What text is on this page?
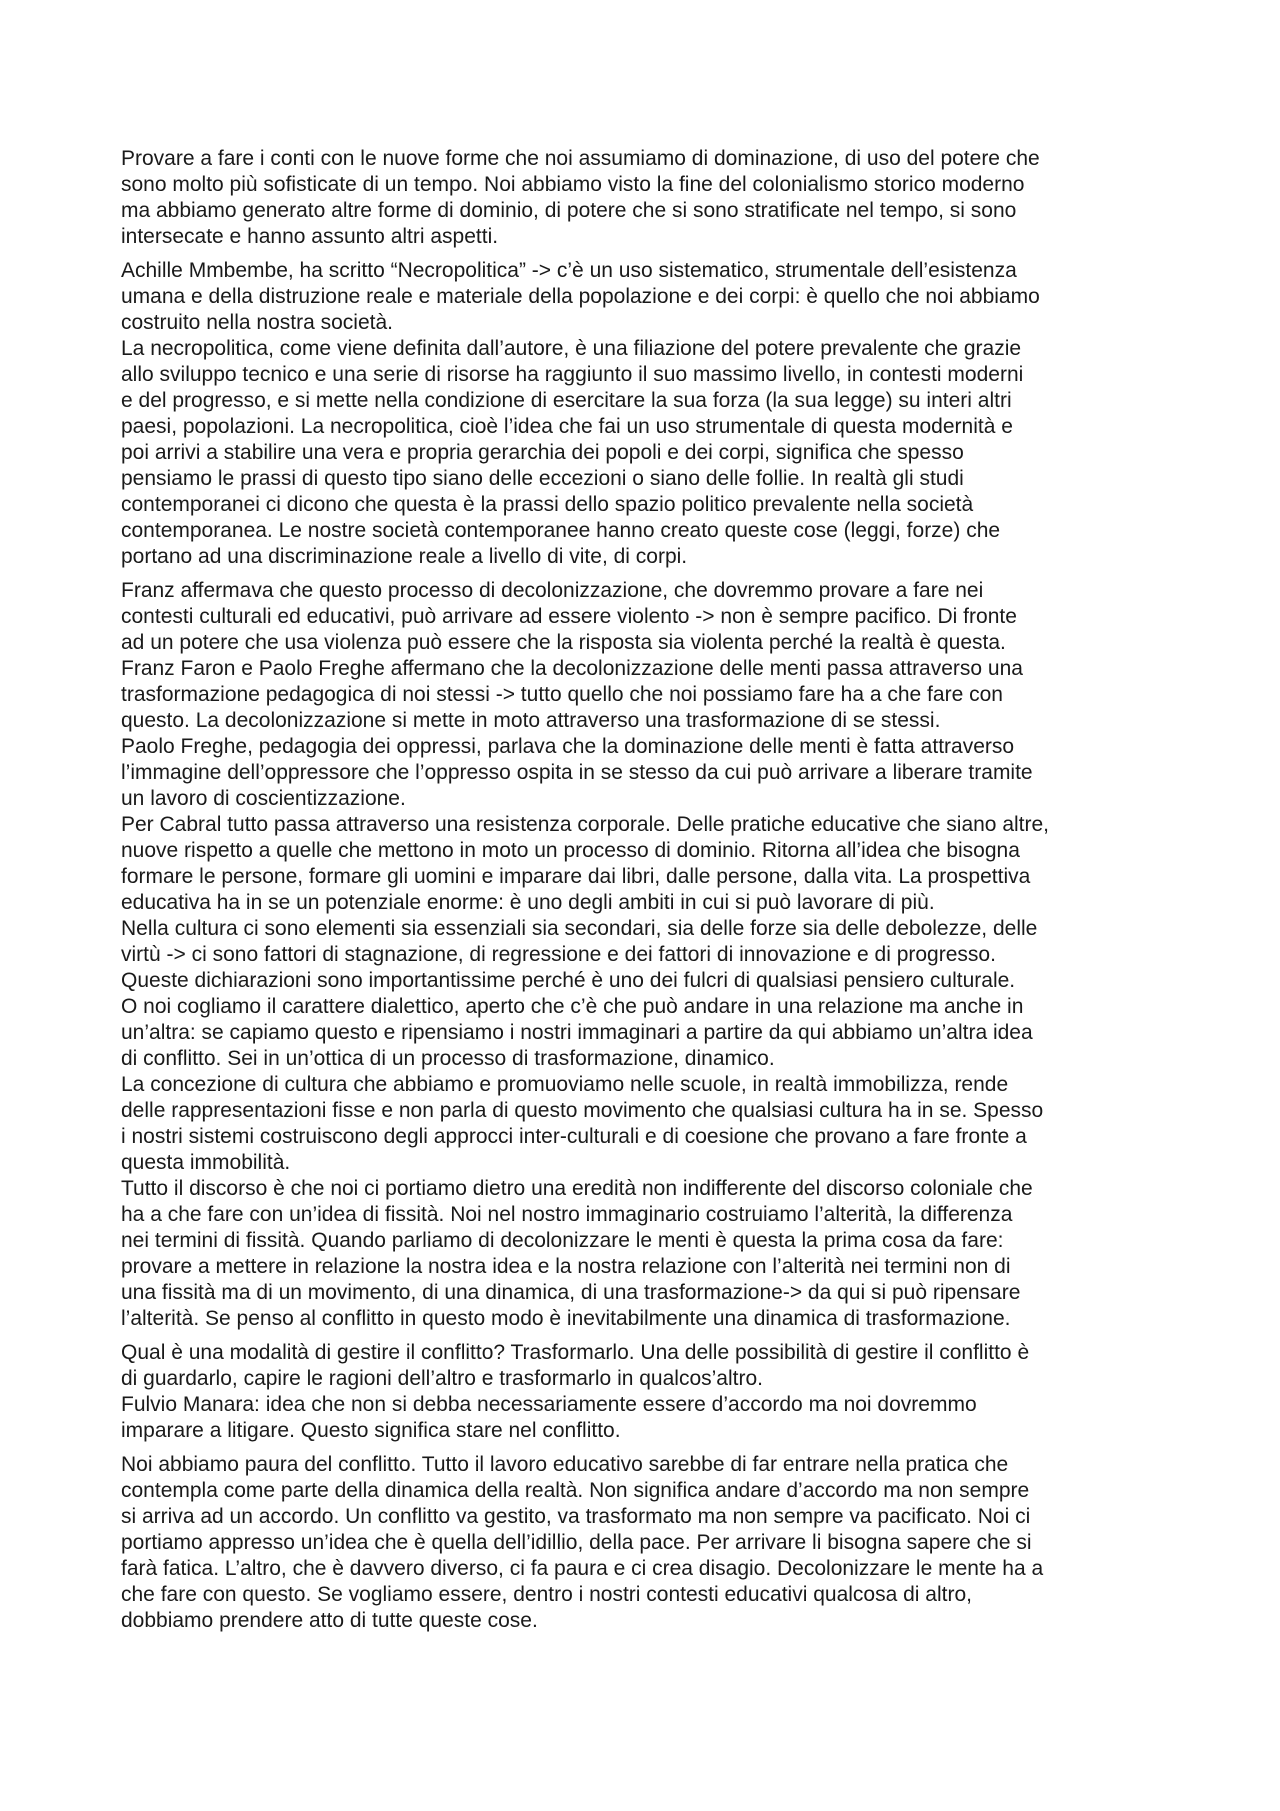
Provare a fare i conti con le nuove forme che noi assumiamo di dominazione, di uso del potere che
sono molto più sofisticate di un tempo. Noi abbiamo visto la fine del colonialismo storico moderno
ma abbiamo generato altre forme di dominio, di potere che si sono stratificate nel tempo, si sono
intersecate e hanno assunto altri aspetti.
Achille Mmbembe, ha scritto “Necropolitica” -> c’è un uso sistematico, strumentale dell’esistenza
umana e della distruzione reale e materiale della popolazione e dei corpi: è quello che noi abbiamo
costruito nella nostra società.
La necropolitica, come viene definita dall’autore, è una filiazione del potere prevalente che grazie
allo sviluppo tecnico e una serie di risorse ha raggiunto il suo massimo livello, in contesti moderni
e del progresso, e si mette nella condizione di esercitare la sua forza (la sua legge) su interi altri
paesi, popolazioni. La necropolitica, cioè l’idea che fai un uso strumentale di questa modernità e
poi arrivi a stabilire una vera e propria gerarchia dei popoli e dei corpi, significa che spesso
pensiamo le prassi di questo tipo siano delle eccezioni o siano delle follie. In realtà gli studi
contemporanei ci dicono che questa è la prassi dello spazio politico prevalente nella società
contemporanea. Le nostre società contemporanee hanno creato queste cose (leggi, forze) che
portano ad una discriminazione reale a livello di vite, di corpi.
Franz affermava che questo processo di decolonizzazione, che dovremmo provare a fare nei
contesti culturali ed educativi, può arrivare ad essere violento -> non è sempre pacifico. Di fronte
ad un potere che usa violenza può essere che la risposta sia violenta perché la realtà è questa.
Franz Faron e Paolo Freghe affermano che la decolonizzazione delle menti passa attraverso una
trasformazione pedagogica di noi stessi -> tutto quello che noi possiamo fare ha a che fare con
questo. La decolonizzazione si mette in moto attraverso una trasformazione di se stessi.
Paolo Freghe, pedagogia dei oppressi, parlava che la dominazione delle menti è fatta attraverso
l’immagine dell’oppressore che l’oppresso ospita in se stesso da cui può arrivare a liberare tramite
un lavoro di coscientizzazione.
Per Cabral tutto passa attraverso una resistenza corporale. Delle pratiche educative che siano altre,
nuove rispetto a quelle che mettono in moto un processo di dominio. Ritorna all’idea che bisogna
formare le persone, formare gli uomini e imparare dai libri, dalle persone, dalla vita. La prospettiva
educativa ha in se un potenziale enorme: è uno degli ambiti in cui si può lavorare di più.
Nella cultura ci sono elementi sia essenziali sia secondari, sia delle forze sia delle debolezze, delle
virtù -> ci sono fattori di stagnazione, di regressione e dei fattori di innovazione e di progresso.
Queste dichiarazioni sono importantissime perché è uno dei fulcri di qualsiasi pensiero culturale.
O noi cogliamo il carattere dialettico, aperto che c’è che può andare in una relazione ma anche in
un’altra: se capiamo questo e ripensiamo i nostri immaginari a partire da qui abbiamo un’altra idea
di conflitto. Sei in un’ottica di un processo di trasformazione, dinamico.
La concezione di cultura che abbiamo e promuoviamo nelle scuole, in realtà immobilizza, rende
delle rappresentazioni fisse e non parla di questo movimento che qualsiasi cultura ha in se. Spesso
i nostri sistemi costruiscono degli approcci inter-culturali e di coesione che provano a fare fronte a
questa immobilità.
Tutto il discorso è che noi ci portiamo dietro una eredità non indifferente del discorso coloniale che
ha a che fare con un’idea di fissità. Noi nel nostro immaginario costruiamo l’alterità, la differenza
nei termini di fissità. Quando parliamo di decolonizzare le menti è questa la prima cosa da fare:
provare a mettere in relazione la nostra idea e la nostra relazione con l’alterità nei termini non di
una fissità ma di un movimento, di una dinamica, di una trasformazione-> da qui si può ripensare
l’alterità. Se penso al conflitto in questo modo è inevitabilmente una dinamica di trasformazione.
Qual è una modalità di gestire il conflitto? Trasformarlo. Una delle possibilità di gestire il conflitto è
di guardarlo, capire le ragioni dell’altro e trasformarlo in qualcos’altro.
Fulvio Manara: idea che non si debba necessariamente essere d’accordo ma noi dovremmo
imparare a litigare. Questo significa stare nel conflitto.
Noi abbiamo paura del conflitto. Tutto il lavoro educativo sarebbe di far entrare nella pratica che
contempla come parte della dinamica della realtà. Non significa andare d’accordo ma non sempre
si arriva ad un accordo. Un conflitto va gestito, va trasformato ma non sempre va pacificato. Noi ci
portiamo appresso un’idea che è quella dell’idillio, della pace. Per arrivare li bisogna sapere che si
farà fatica. L’altro, che è davvero diverso, ci fa paura e ci crea disagio. Decolonizzare le mente ha a
che fare con questo. Se vogliamo essere, dentro i nostri contesti educativi qualcosa di altro,
dobbiamo prendere atto di tutte queste cose.
